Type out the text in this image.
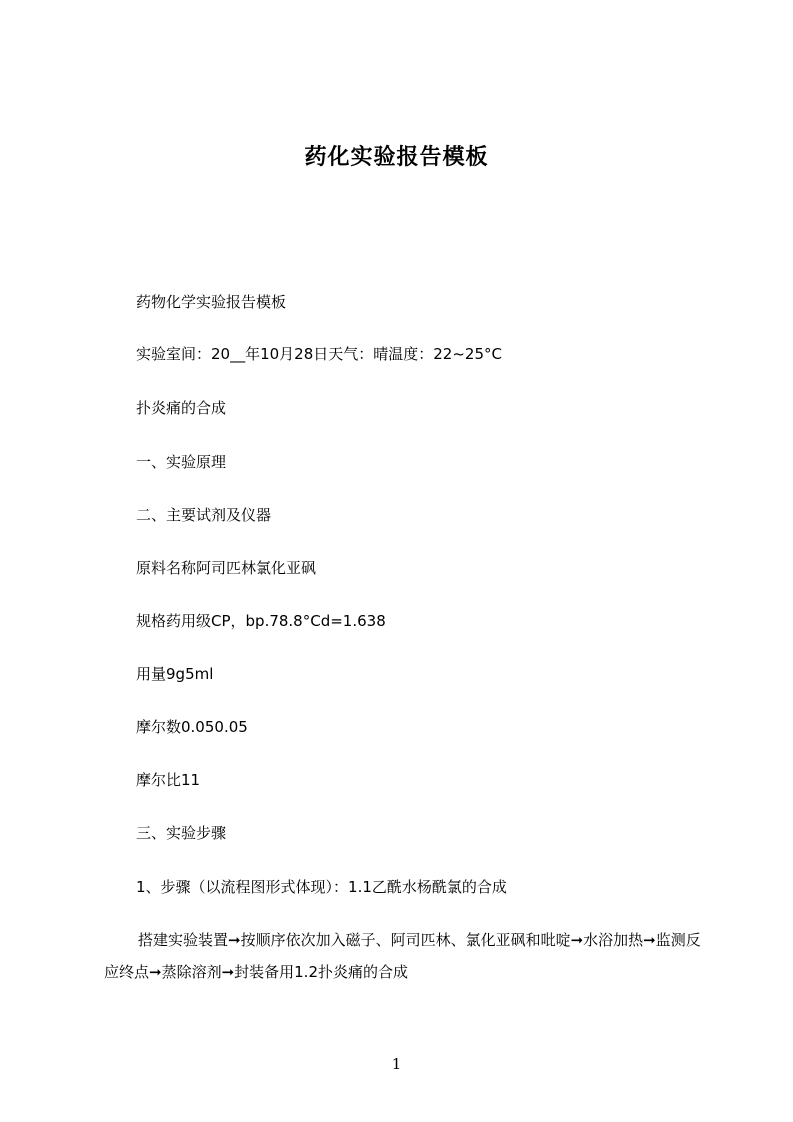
药化实验报告模板
药物化学实验报告模板
实验室间：20__年10月28日天气：晴温度：22~25°C
扑炎痛的合成
一、实验原理
二、主要试剂及仪器
原料名称阿司匹林氯化亚砜
规格药用级CP，bp.78.8°Cd=1.638
用量9g5ml
摩尔数0.050.05
摩尔比11
三、实验步骤
1、步骤（以流程图形式体现）：1.1乙酰水杨酰氯的合成
搭建实验装置➞按顺序依次加入磁子、阿司匹林、氯化亚砜和吡啶➞水浴加热➞监测反应终点➞蒸除溶剂➞封装备用1.2扑炎痛的合成
1
